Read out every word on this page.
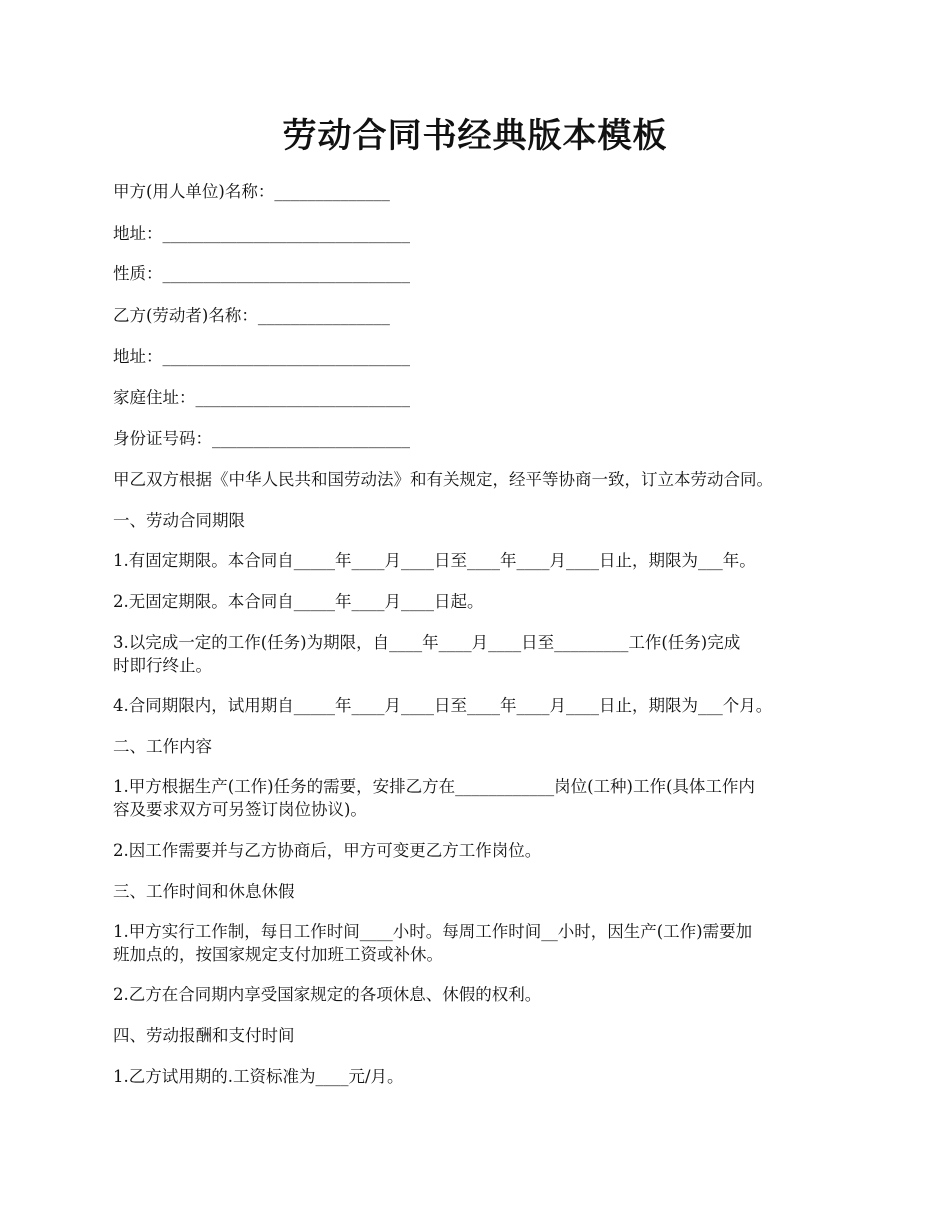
劳动合同书经典版本模板
甲方(用人单位)名称：______________
地址：______________________________
性质：______________________________
乙方(劳动者)名称：________________
地址：______________________________
家庭住址：__________________________
身份证号码：________________________
甲乙双方根据《中华人民共和国劳动法》和有关规定，经平等协商一致，订立本劳动合同。
一、劳动合同期限
1.有固定期限。本合同自_____年____月____日至____年____月____日止，期限为___年。
2.无固定期限。本合同自_____年____月____日起。
3.以完成一定的工作(任务)为期限，自____年____月____日至_________工作(任务)完成
时即行终止。
4.合同期限内，试用期自_____年____月____日至____年____月____日止，期限为___个月。
二、工作内容
1.甲方根据生产(工作)任务的需要，安排乙方在____________岗位(工种)工作(具体工作内
容及要求双方可另签订岗位协议)。
2.因工作需要并与乙方协商后，甲方可变更乙方工作岗位。
三、工作时间和休息休假
1.甲方实行工作制，每日工作时间____小时。每周工作时间__小时，因生产(工作)需要加
班加点的，按国家规定支付加班工资或补休。
2.乙方在合同期内享受国家规定的各项休息、休假的权利。
四、劳动报酬和支付时间
1.乙方试用期的.工资标准为____元/月。
